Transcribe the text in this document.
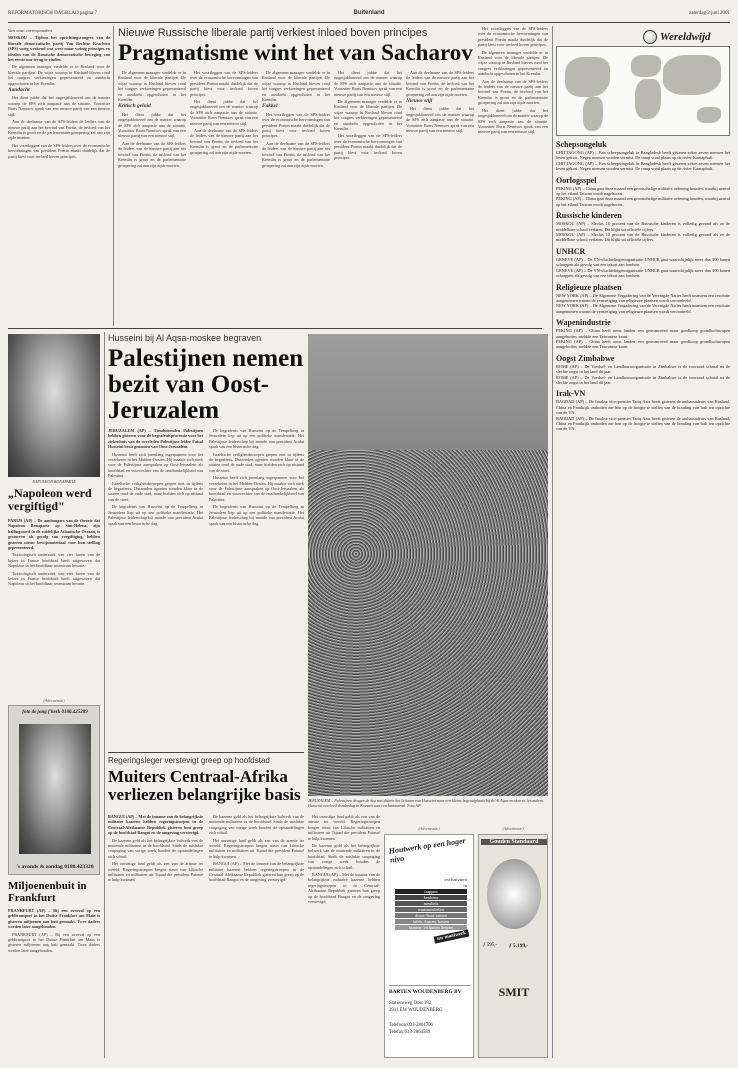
REFORMATORISCH DAGBLAD pagina 7	Buitenland	zaterdag 2 juni 2001

Van onze correspondent

MOSKOU – Tijdens het oprichtingscongres van de liberale democratische partij Van Rechtse Krachten (SPS) vorig weekend was weer maar weinig principes en idealen van de Russische democratische beweging van het eerste uur terug te vinden.

De algemeen manager verdelde er in Rusland voor de liberale partijen. De wijze waarop in Rusland bleven rond het congres verkiezingen gepresenteerd en aandacht opgeschoten in het Kremlin.

Aandacht

Het dient jubbe dat het ongesjabloneerd om de manier waarop de SPS zich aanpaste aan de situatie. Voorzitter Boris Nemtsov sprak van een nieuwe partij van een nieuwe stijl.

Aan de deelname van de SPS-leiders de leiders van de nieuwe partij aan het bewind van Poetin, de invloed van het Kremlin is groot en de parlementaire groepering zal aan zijn zijde moeten.

Het voortleggen van de SPS-leiders over de economische hervormingen van president Poetin maakt duidelijk dat de partij kiest voor invloed boven principes.

Nieuwe Russische liberale partij verkiest inloed boven principes
Pragmatisme wint het van Sacharov

De algemeen manager verdelde er in Rusland voor de liberale partijen. De wijze waarop in Rusland bleven rond het congres verkiezingen gepresenteerd en aandacht opgeschoten in het Kremlin.

Kritisch geluid

Het dient jubbe dat het ongesjabloneerd om de manier waarop de SPS zich aanpaste aan de situatie. Voorzitter Boris Nemtsov sprak van een nieuwe partij van een nieuwe stijl.

Aan de deelname van de SPS-leiders de leiders van de nieuwe partij aan het bewind van Poetin, de invloed van het Kremlin is groot en de parlementaire groepering zal aan zijn zijde moeten.

Het voortleggen van de SPS-leiders over de economische hervormingen van president Poetin maakt duidelijk dat de partij kiest voor invloed boven principes.

Het dient jubbe dat het ongesjabloneerd om de manier waarop de SPS zich aanpaste aan de situatie. Voorzitter Boris Nemtsov sprak van een nieuwe partij van een nieuwe stijl.

Aan de deelname van de SPS-leiders de leiders van de nieuwe partij aan het bewind van Poetin, de invloed van het Kremlin is groot en de parlementaire groepering zal aan zijn zijde moeten.

De algemeen manager verdelde er in Rusland voor de liberale partijen. De wijze waarop in Rusland bleven rond het congres verkiezingen gepresenteerd en aandacht opgeschoten in het Kremlin.

Fakkel

Het voortleggen van de SPS-leiders over de economische hervormingen van president Poetin maakt duidelijk dat de partij kiest voor invloed boven principes.

Aan de deelname van de SPS-leiders de leiders van de nieuwe partij aan het bewind van Poetin, de invloed van het Kremlin is groot en de parlementaire groepering zal aan zijn zijde moeten.

Het dient jubbe dat het ongesjabloneerd om de manier waarop de SPS zich aanpaste aan de situatie. Voorzitter Boris Nemtsov sprak van een nieuwe partij van een nieuwe stijl.

De algemeen manager verdelde er in Rusland voor de liberale partijen. De wijze waarop in Rusland bleven rond het congres verkiezingen gepresenteerd en aandacht opgeschoten in het Kremlin.

Het voortleggen van de SPS-leiders over de economische hervormingen van president Poetin maakt duidelijk dat de partij kiest voor invloed boven principes.

Aan de deelname van de SPS-leiders de leiders van de nieuwe partij aan het bewind van Poetin, de invloed van het Kremlin is groot en de parlementaire groepering zal aan zijn zijde moeten.

Nieuwe stijl

Het dient jubbe dat het ongesjabloneerd om de manier waarop de SPS zich aanpaste aan de situatie. Voorzitter Boris Nemtsov sprak van een nieuwe partij van een nieuwe stijl.

Het voortleggen van de SPS-leiders over de economische hervormingen van president Poetin maakt duidelijk dat de partij kiest voor invloed boven principes.

De algemeen manager verdelde er in Rusland voor de liberale partijen. De wijze waarop in Rusland bleven rond het congres verkiezingen gepresenteerd en aandacht opgeschoten in het Kremlin.

Aan de deelname van de SPS-leiders de leiders van de nieuwe partij aan het bewind van Poetin, de invloed van het Kremlin is groot en de parlementaire groepering zal aan zijn zijde moeten.

Het dient jubbe dat het ongesjabloneerd om de manier waarop de SPS zich aanpaste aan de situatie. Voorzitter Boris Nemtsov sprak van een nieuwe partij van een nieuwe stijl.

NAPOLEON BONAPARTE
„Napoleon werd vergiftigd"

PARIJS (AP) – De aanhangers van de theorie dat Napoleon Bonaparte op Sint-Helena, zijn ballingsoord in de zuidelijke Atlantische Oceaan, is gestorven als gevolg van vergiftiging, hebben gisteren nieuw bewijsmateriaal voor hun stelling gepresenteerd.

Toxicologisch onderzoek van vier haren van de keizer in Franse hoofdstad heeft uitgewezen dat Napoleon in het hoofdhaar arsenicum bevatte.

Toxicologisch onderzoek van vier haren van de keizer in Franse hoofdstad heeft uitgewezen dat Napoleon in het hoofdhaar arsenicum bevatte.

(Advertentie)
foto de jong f'kerk 0180.425289
's avonds & zondag 0180.423320
Miljoenenbuit in Frankfurt

FRANKFURT (AP) – Bij een overval op een geldtransport in het Duitse Frankfurt am Main is gisteren miljoenen aan buit gemaakt. Twee daders werden later aangehouden.

FRANKFURT (AP) – Bij een overval op een geldtransport in het Duitse Frankfurt am Main is gisteren miljoenen aan buit gemaakt. Twee daders werden later aangehouden.

Husseini bij Al Aqsa-moskee begraven
Palestijnen nemen bezit van Oost-Jeruzalem

JERUZALEM (AP) – Tienduizenden Palestijnen hebben gisteren voor de begrafenisprocessie voor het ziekenhuis van de overleden Palestijnse leider Faisal Husseini bezit genomen van Oost-Jeruzalem.

Husseini heeft zich jarenlang ingespannen voor het verzekeren in het Midden-Oosten. Hij maakte zich sterk voor de Palestijnse aanspraken op Oost-Jeruzalem als hoofdstad en voorvechter van de onafhankelijkheid van Palestina.

Israëlische veiligheidstroepen grepen niet in tijdens de begrafenis. Duizenden agenten stonden klaar in de straten rond de oude stad, maar hielden zich op afstand van de stoet.

De begrafenis van Husseini op de Tempelberg in Jeruzalem liep uit op een politieke manifestatie. Het Palestijnse leiderschap bij monde van president Arafat sprak van een historische dag.

De begrafenis van Husseini op de Tempelberg in Jeruzalem liep uit op een politieke manifestatie. Het Palestijnse leiderschap bij monde van president Arafat sprak van een historische dag.

Israëlische veiligheidstroepen grepen niet in tijdens de begrafenis. Duizenden agenten stonden klaar in de straten rond de oude stad, maar hielden zich op afstand van de stoet.

Husseini heeft zich jarenlang ingespannen voor het verzekeren in het Midden-Oosten. Hij maakte zich sterk voor de Palestijnse aanspraken op Oost-Jeruzalem als hoofdstad en voorvechter van de onafhankelijkheid van Palestina.

De begrafenis van Husseini op de Tempelberg in Jeruzalem liep uit op een politieke manifestatie. Het Palestijnse leiderschap bij monde van president Arafat sprak van een historische dag.

JERUZALEM – Palestijnen dragen de kist met daarin het lichaam van Husseini naar een kleine begraafplaats bij de Al Aqsa-moskee in Jeruzalem. Husseini overleed donderdag in Koeweit aan een hartaanval. Foto AP
Regeringsleger verstevigt greep op hoofdstad
Muiters Centraal-Afrika verliezen belangrijke basis

BANGUI (AP) – Met de inname van de belangrijkste militaire kazerne hebben regeringstroepen in de Centraal-Afrikaanse Republiek gisteren hun greep op de hoofdstad Bangui en de omgeving verstevigd.

De kazerne gold als het belangrijkste bolwerk van de muitende militairen in de hoofdstad. Sinds de mislukte coupoging van vorige week houden de opstandelingen zich schuil.

Het onrustige land geldt als een van de armste ter wereld. Regeringstroepen kregen steun van Libische militairen en militairen uit Tsjaad die president Patassé te hulp kwamen.

De kazerne gold als het belangrijkste bolwerk van de muitende militairen in de hoofdstad. Sinds de mislukte coupoging van vorige week houden de opstandelingen zich schuil.

Het onrustige land geldt als een van de armste ter wereld. Regeringstroepen kregen steun van Libische militairen en militairen uit Tsjaad die president Patassé te hulp kwamen.

BANGUI (AP) – Met de inname van de belangrijkste militaire kazerne hebben regeringstroepen in de Centraal-Afrikaanse Republiek gisteren hun greep op de hoofdstad Bangui en de omgeving verstevigd.

Het onrustige land geldt als een van de armste ter wereld. Regeringstroepen kregen steun van Libische militairen en militairen uit Tsjaad die president Patassé te hulp kwamen.

De kazerne gold als het belangrijkste bolwerk van de muitende militairen in de hoofdstad. Sinds de mislukte coupoging van vorige week houden de opstandelingen zich schuil.

BANGUI (AP) – Met de inname van de belangrijkste militaire kazerne hebben regeringstroepen in de Centraal-Afrikaanse Republiek gisteren hun greep op de hoofdstad Bangui en de omgeving verstevigd.

(Advertentie)
Houtwerk op een hoger nivo
exclusiviteit
in
trappen
keukens
meubels
maatmeubelen
draai-/hout-ramen
tafels, kasten, kasten
binnen- en buiten deuren
uw maatwerk
BARTEN WOUDENBERG BV
Stationsweg Oost 182
3931 EW WOUDENBERG
Telefoon:033-2861706
Telefax:033-2864589
(Advertentie)
Gouden Standaard
ƒ 595,- ƒ 5.199,-
SMIT
Wereldwijd
Schepsongeluk
CHITTAGONG (AP) – Een scheepsongeluk in Bangladesh heeft gisteren zeker zeven mensen het leven gekost. Negen mensen worden vermist. De ramp vond plaats op de rivier Karnaphuli.
CHITTAGONG (AP) – Een scheepsongeluk in Bangladesh heeft gisteren zeker zeven mensen het leven gekost. Negen mensen worden vermist. De ramp vond plaats op de rivier Karnaphuli.
Oorlogsspel
PEKING (AP) – China gaat deze maand een grootschalige militaire oefening houden, waarbij aanval op het eiland Taiwan wordt nagebootst.
PEKING (AP) – China gaat deze maand een grootschalige militaire oefening houden, waarbij aanval op het eiland Taiwan wordt nagebootst.
Russische kinderen
MOSKOU (AP) – Slechts 10 procent van de Russische kinderen is volledig gezond als ze de middelbare school verlaten. Dit blijkt uit officiële cijfers.
MOSKOU (AP) – Slechts 10 procent van de Russische kinderen is volledig gezond als ze de middelbare school verlaten. Dit blijkt uit officiële cijfers.
UNHCR
GENEVE (AP) – De VN-vluchtelingenorganisatie UNHCR gaat waarschijnlijk meer dan 300 banen schrappen als gevolg van een tekort aan fondsen.
GENEVE (AP) – De VN-vluchtelingenorganisatie UNHCR gaat waarschijnlijk meer dan 300 banen schrappen als gevolg van een tekort aan fondsen.
Religieuze plaatsen
NEW YORK (AP) – De Algemene Vergadering van de Verenigde Naties heeft unaniem een resolutie aangenomen waarin de vernietiging van religieuze plaatsen wordt veroordeeld.
NEW YORK (AP) – De Algemene Vergadering van de Verenigde Naties heeft unaniem een resolutie aangenomen waarin de vernietiging van religieuze plaatsen wordt veroordeeld.
Wapenindustrie
PEKING (AP) – China heeft arms landen een geavanceerd maar goedkoop grondluchtwapen aangeboden, meldde een Taiwanese krant.
PEKING (AP) – China heeft arms landen een geavanceerd maar goedkoop grondluchtwapen aangeboden, meldde een Taiwanese krant.
Oogst Zimbabwe
ROME (AP) – De Voedsel- en Landbouworganisatie in Zimbabwe is de voorraad schraal na de slechte oogst in het land dit jaar.
ROME (AP) – De Voedsel- en Landbouworganisatie in Zimbabwe is de voorraad schraal na de slechte oogst in het land dit jaar.
Irak-VN
BAGDAD (AP) – De Iraakse vice-premier Tariq Aziz heeft gisteren de ambassadeurs van Rusland, China en Frankrijk ontboden om hen op de hoogte te stellen van de houding van Irak ten opzichte van de VN.
BAGDAD (AP) – De Iraakse vice-premier Tariq Aziz heeft gisteren de ambassadeurs van Rusland, China en Frankrijk ontboden om hen op de hoogte te stellen van de houding van Irak ten opzichte van de VN.
